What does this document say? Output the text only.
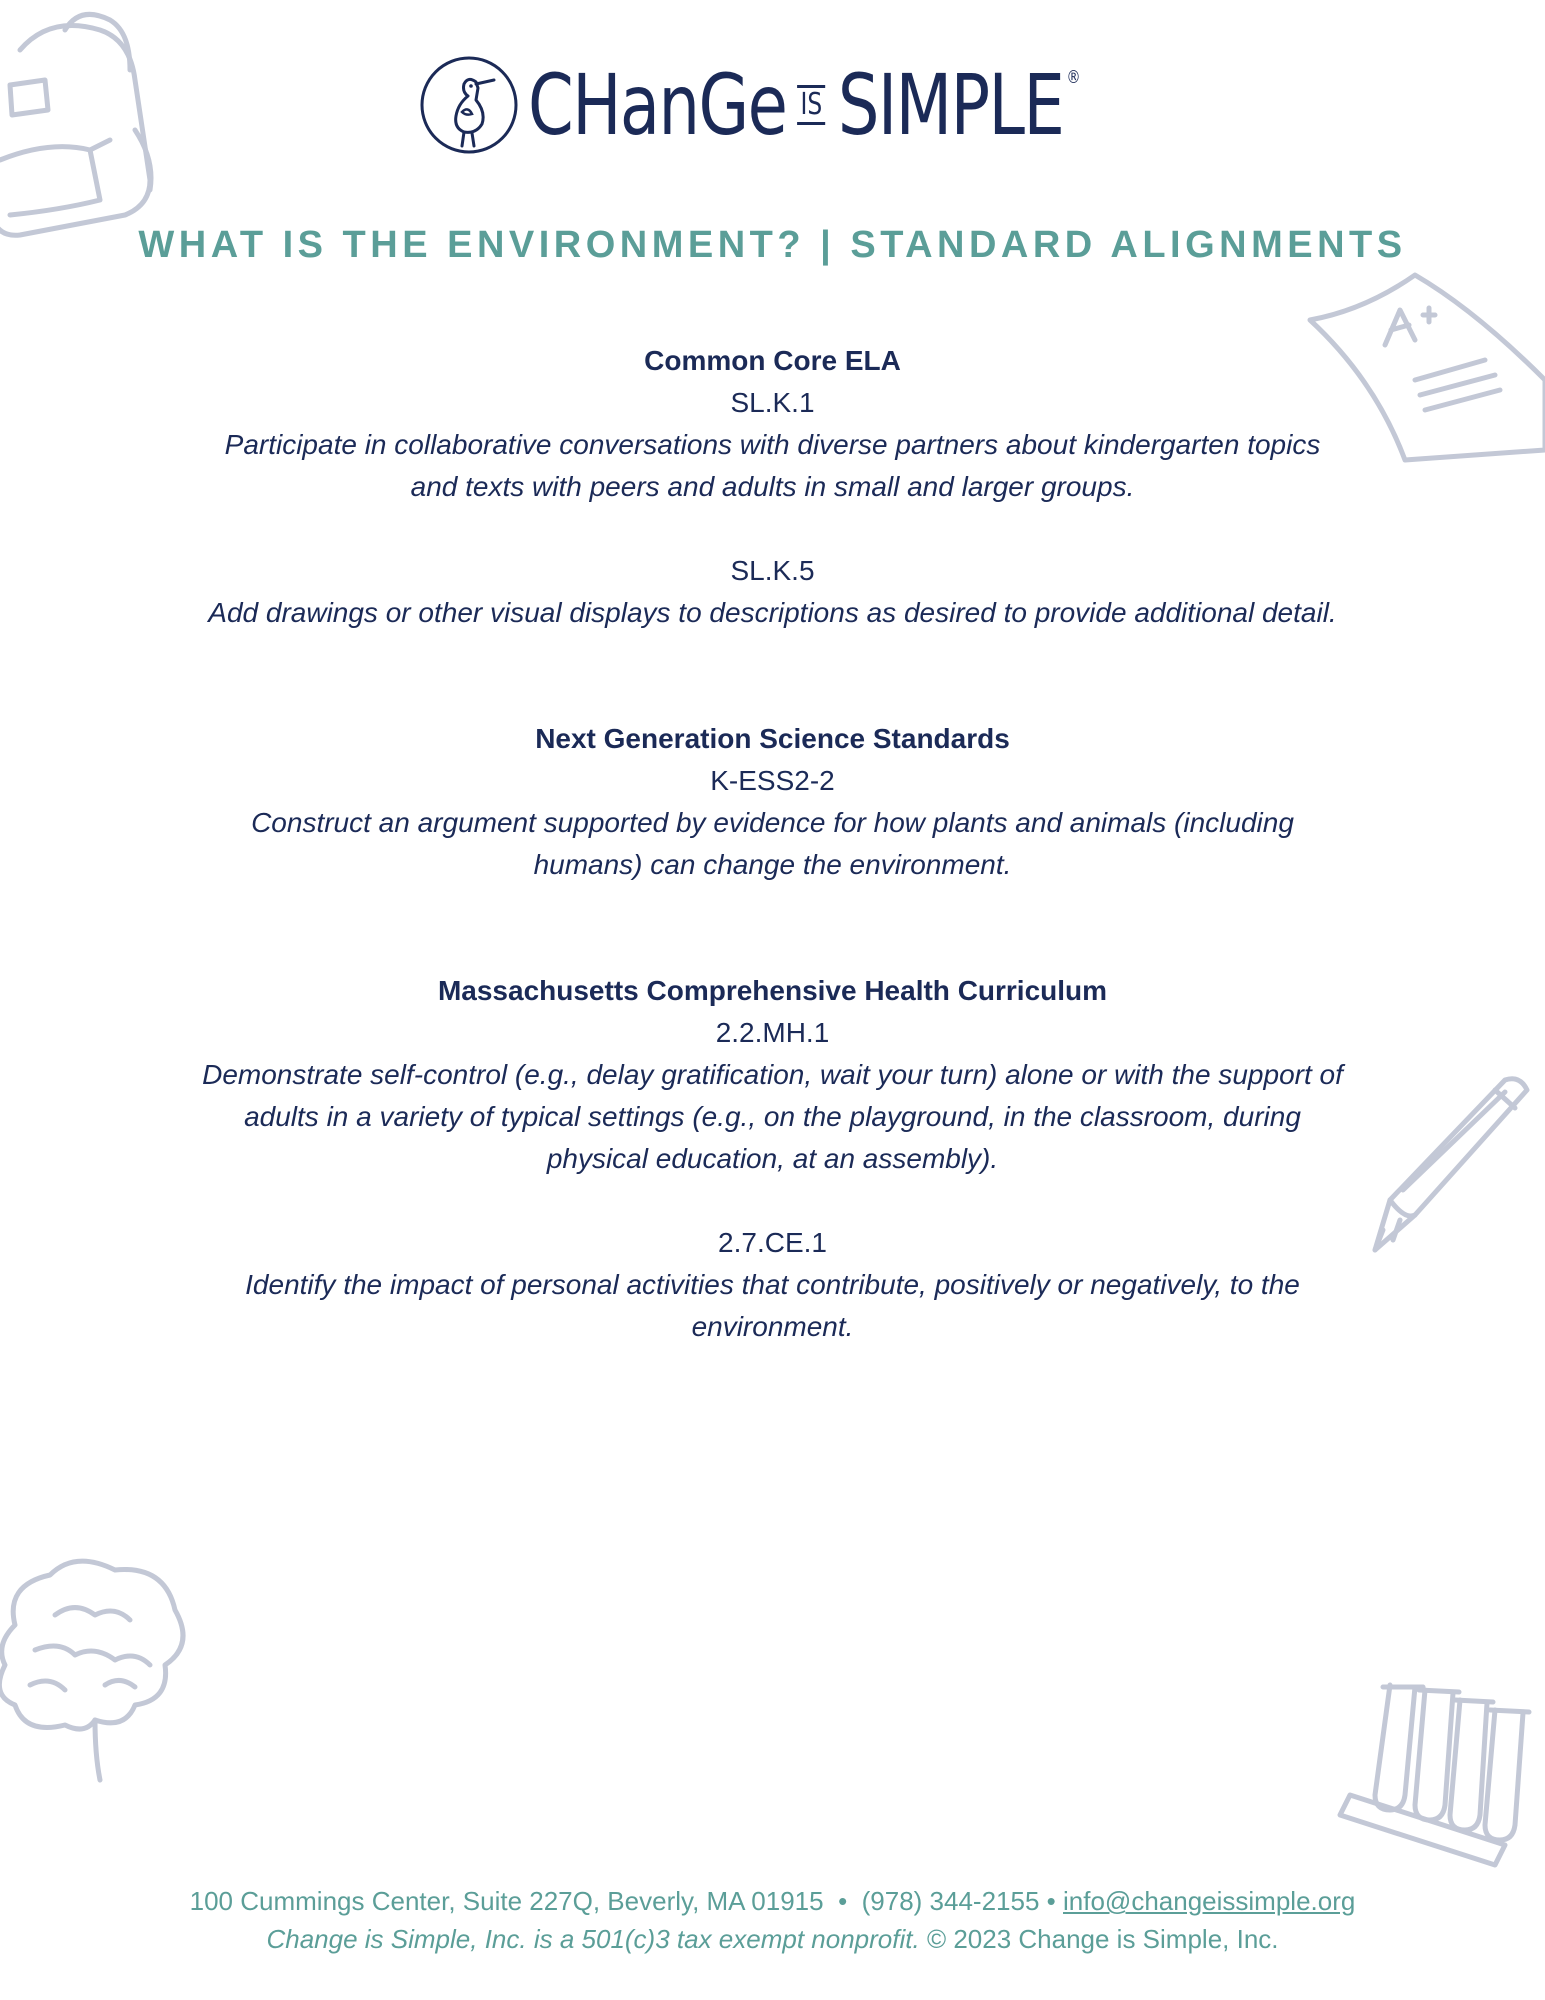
CHanGe IS SIMPLE ®
WHAT IS THE ENVIRONMENT? | STANDARD ALIGNMENTS

Common Core ELA

SL.K.1

Participate in collaborative conversations with diverse partners about kindergarten topics

and texts with peers and adults in small and larger groups.

SL.K.5

Add drawings or other visual displays to descriptions as desired to provide additional detail.

Next Generation Science Standards

K-ESS2-2

Construct an argument supported by evidence for how plants and animals (including

humans) can change the environment.

Massachusetts Comprehensive Health Curriculum

2.2.MH.1

Demonstrate self-control (e.g., delay gratification, wait your turn) alone or with the support of

adults in a variety of typical settings (e.g., on the playground, in the classroom, during

physical education, at an assembly).

2.7.CE.1

Identify the impact of personal activities that contribute, positively or negatively, to the

environment.

100 Cummings Center, Suite 227Q, Beverly, MA 01915 • (978) 344-2155 • info@changeissimple.org
Change is Simple, Inc. is a 501(c)3 tax exempt nonprofit. © 2023 Change is Simple, Inc.
